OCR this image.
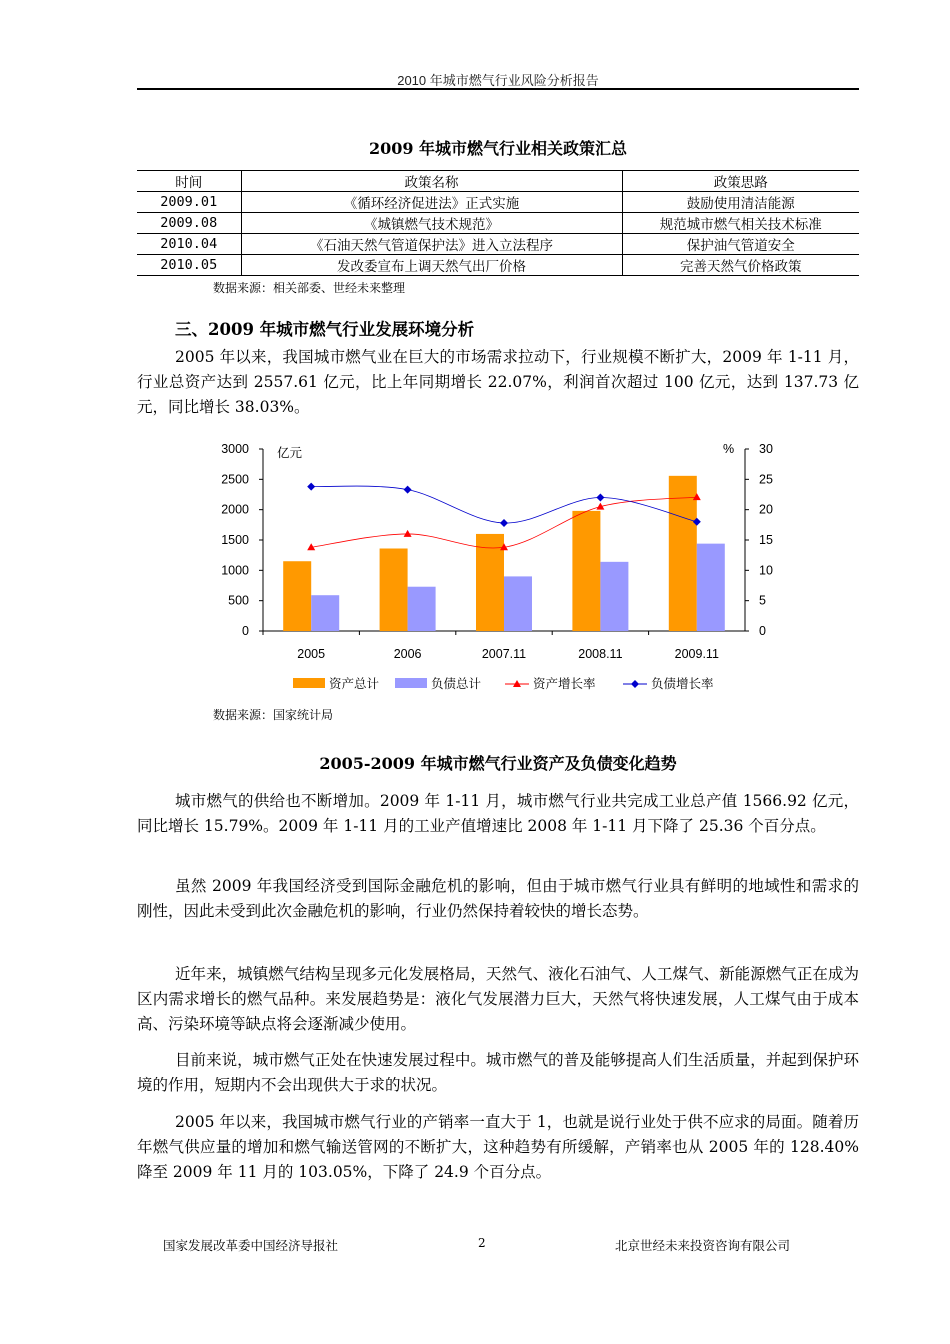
2010 年城市燃气行业风险分析报告
2009 年城市燃气行业相关政策汇总
时间	政策名称	政策思路
2009.01	《循环经济促进法》正式实施	鼓励使用清洁能源
2009.08	《城镇燃气技术规范》	规范城市燃气相关技术标准
2010.04	《石油天然气管道保护法》进入立法程序	保护油气管道安全
2010.05	发改委宣布上调天然气出厂价格	完善天然气价格政策
数据来源：相关部委、世经未来整理
三、2009 年城市燃气行业发展环境分析

2005 年以来，我国城市燃气业在巨大的市场需求拉动下，行业规模不断扩大，2009 年 1-11 月，行业总资产达到 2557.61 亿元，比上年同期增长 22.07%，利润首次超过 100 亿元，达到 137.73 亿元，同比增长 38.03%。

0
500
1000
1500
2000
2500
3000
0
5
10
15
20
25
30
亿元	%
2005	2006	2007.11	2008.11	2009.11
资产总计	负债总计	资产增长率	负债增长率
数据来源：国家统计局
2005-2009 年城市燃气行业资产及负债变化趋势

城市燃气的供给也不断增加。2009 年 1-11 月，城市燃气行业共完成工业总产值 1566.92 亿元，同比增长 15.79%。2009 年 1-11 月的工业产值增速比 2008 年 1-11 月下降了 25.36 个百分点。

虽然 2009 年我国经济受到国际金融危机的影响，但由于城市燃气行业具有鲜明的地域性和需求的刚性，因此未受到此次金融危机的影响，行业仍然保持着较快的增长态势。

近年来，城镇燃气结构呈现多元化发展格局，天然气、液化石油气、人工煤气、新能源燃气正在成为区内需求增长的燃气品种。来发展趋势是：液化气发展潜力巨大，天然气将快速发展，人工煤气由于成本高、污染环境等缺点将会逐渐减少使用。

目前来说，城市燃气正处在快速发展过程中。城市燃气的普及能够提高人们生活质量，并起到保护环境的作用，短期内不会出现供大于求的状况。

2005 年以来，我国城市燃气行业的产销率一直大于 1，也就是说行业处于供不应求的局面。随着历年燃气供应量的增加和燃气输送管网的不断扩大，这种趋势有所缓解，产销率也从 2005 年的 128.40%降至 2009 年 11 月的 103.05%，下降了 24.9 个百分点。

国家发展改革委中国经济导报社	2	北京世经未来投资咨询有限公司
